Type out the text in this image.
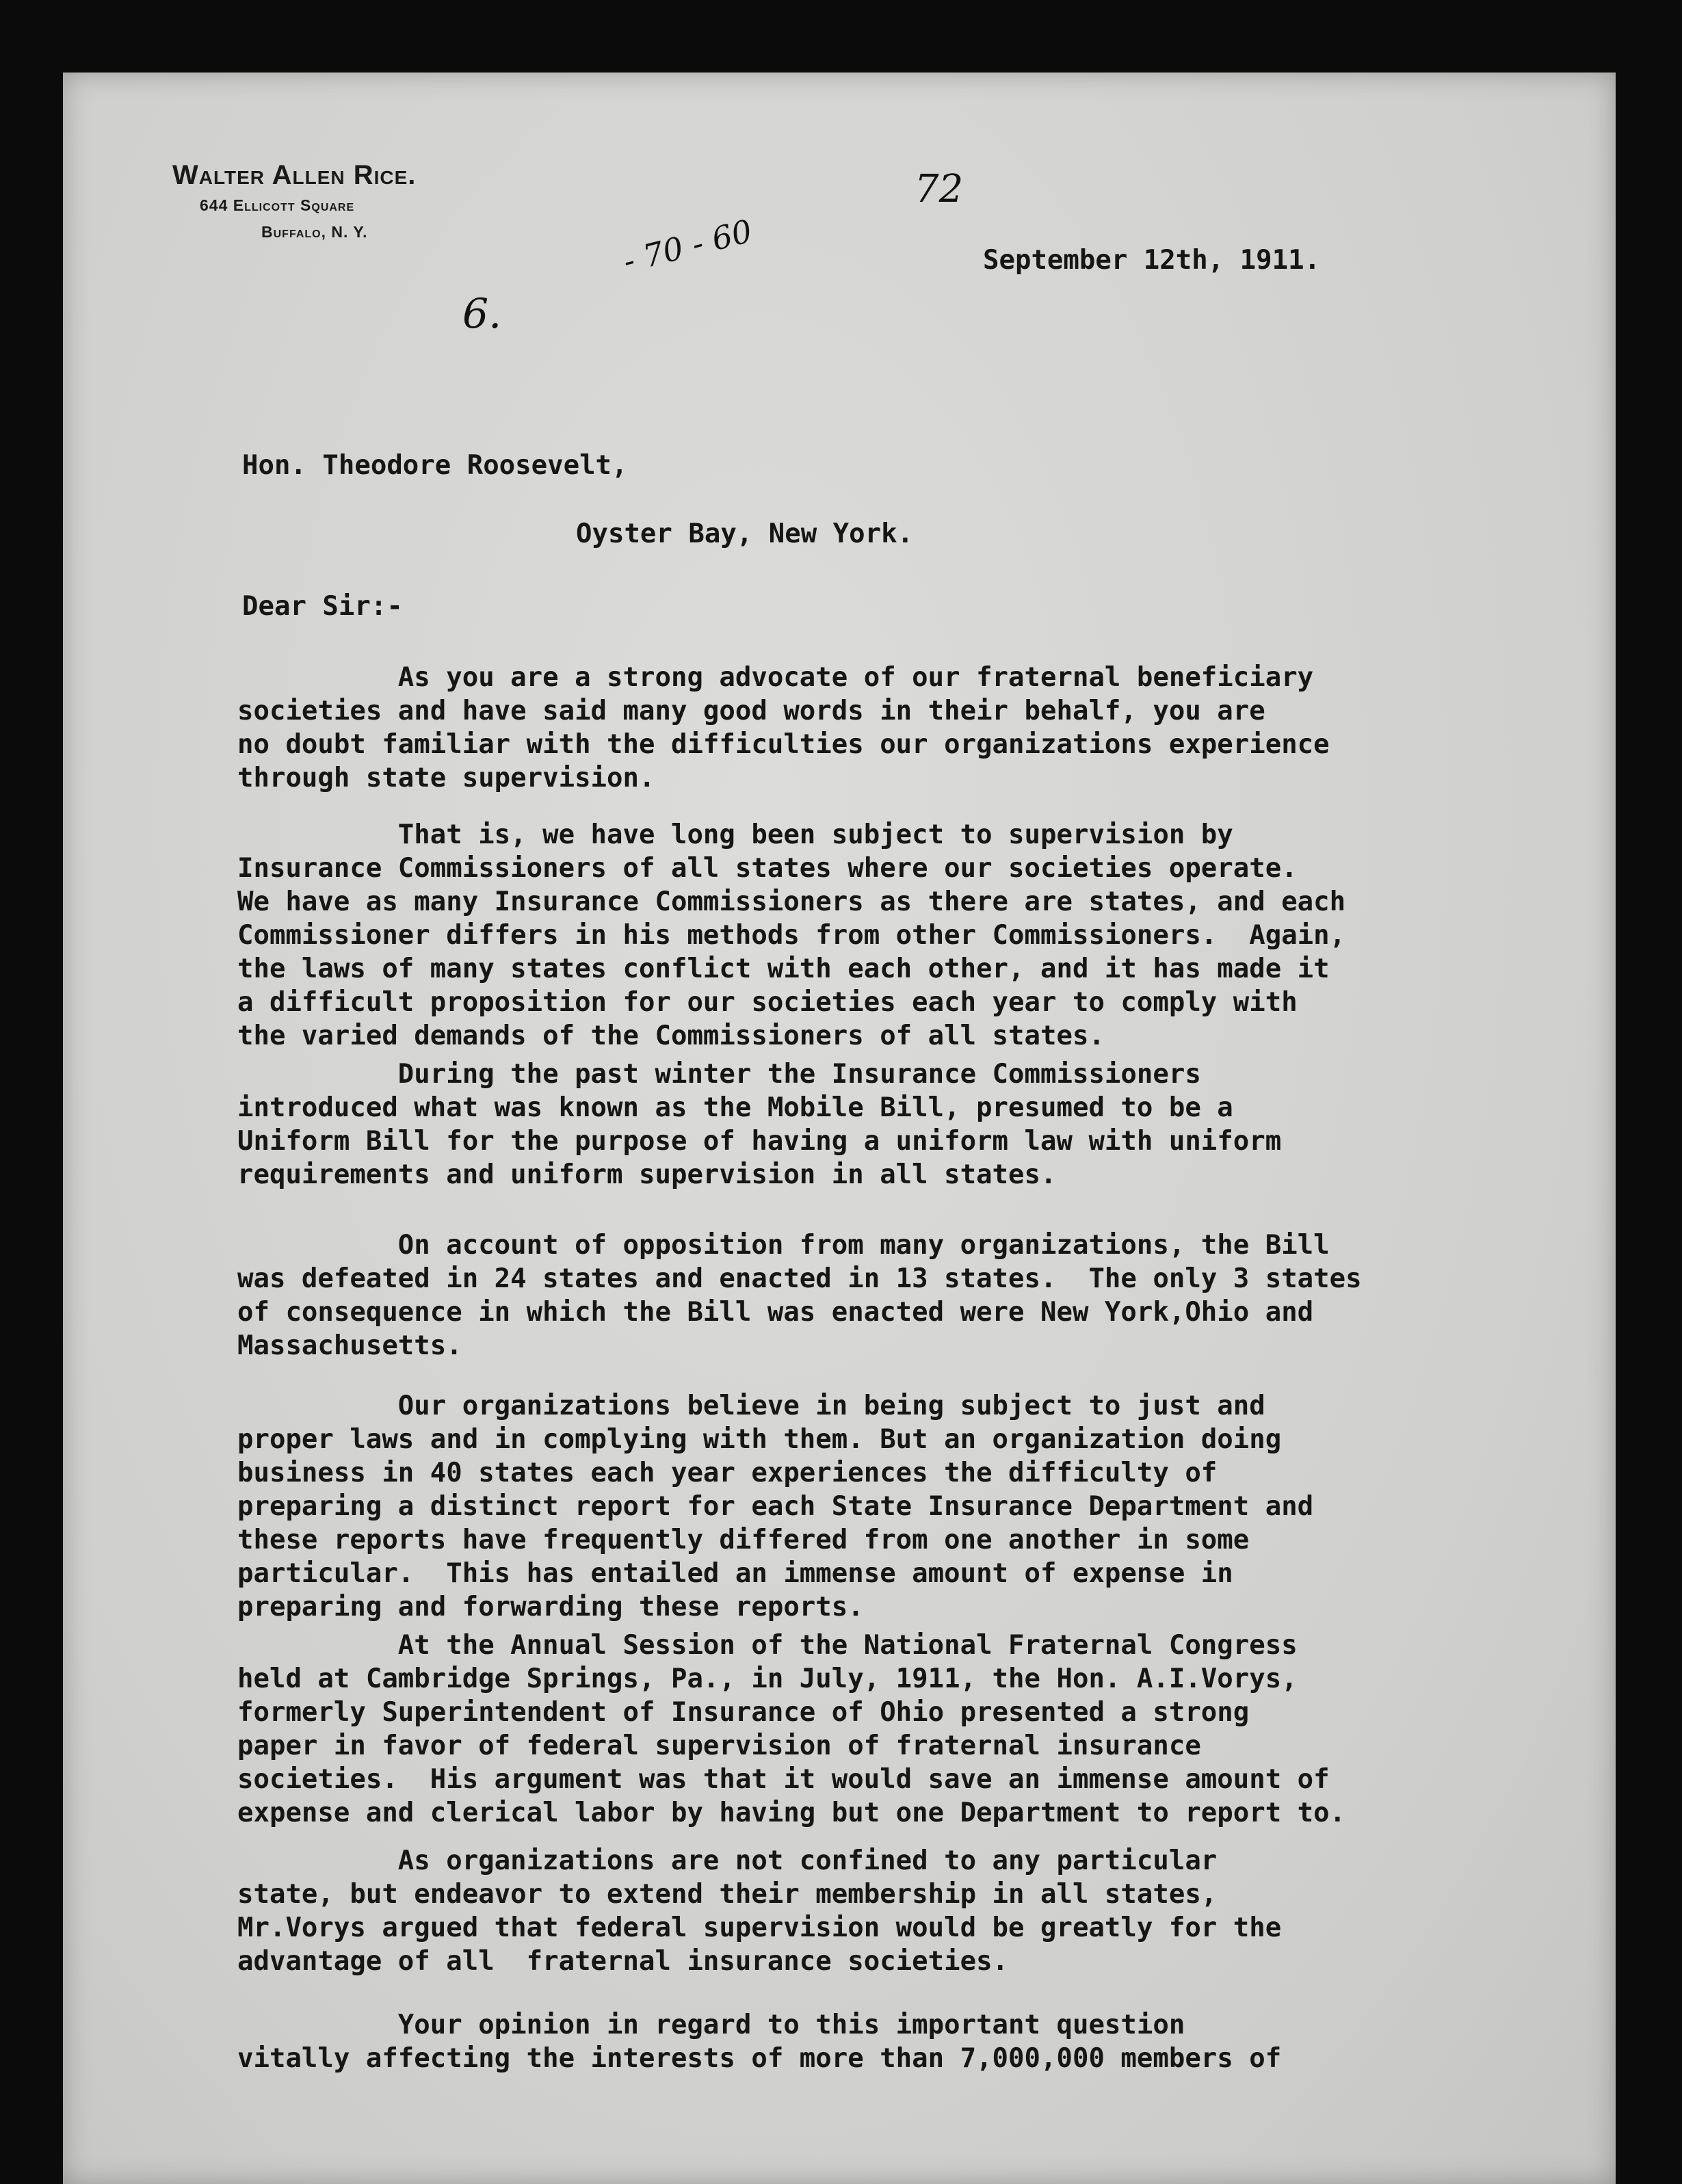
Walter Allen Rice.
644 Ellicott Square
Buffalo, N. Y.
72
6.
- 70 - 60	September 12th, 1911.
Hon. Theodore Roosevelt,
Oyster Bay, New York.
Dear Sir:-
As you are a strong advocate of our fraternal beneficiary
societies and have said many good words in their behalf, you are
no doubt familiar with the difficulties our organizations experience
through state supervision.
That is, we have long been subject to supervision by
Insurance Commissioners of all states where our societies operate.
We have as many Insurance Commissioners as there are states, and each
Commissioner differs in his methods from other Commissioners.  Again,
the laws of many states conflict with each other, and it has made it
a difficult proposition for our societies each year to comply with
the varied demands of the Commissioners of all states.
During the past winter the Insurance Commissioners
introduced what was known as the Mobile Bill, presumed to be a
Uniform Bill for the purpose of having a uniform law with uniform
requirements and uniform supervision in all states.
On account of opposition from many organizations, the Bill
was defeated in 24 states and enacted in 13 states.  The only 3 states
of consequence in which the Bill was enacted were New York,Ohio and
Massachusetts.
Our organizations believe in being subject to just and
proper laws and in complying with them. But an organization doing
business in 40 states each year experiences the difficulty of
preparing a distinct report for each State Insurance Department and
these reports have frequently differed from one another in some
particular.  This has entailed an immense amount of expense in
preparing and forwarding these reports.
At the Annual Session of the National Fraternal Congress
held at Cambridge Springs, Pa., in July, 1911, the Hon. A.I.Vorys,
formerly Superintendent of Insurance of Ohio presented a strong
paper in favor of federal supervision of fraternal insurance
societies.  His argument was that it would save an immense amount of
expense and clerical labor by having but one Department to report to.
As organizations are not confined to any particular
state, but endeavor to extend their membership in all states,
Mr.Vorys argued that federal supervision would be greatly for the
advantage of all  fraternal insurance societies.
Your opinion in regard to this important question
vitally affecting the interests of more than 7,000,000 members of
